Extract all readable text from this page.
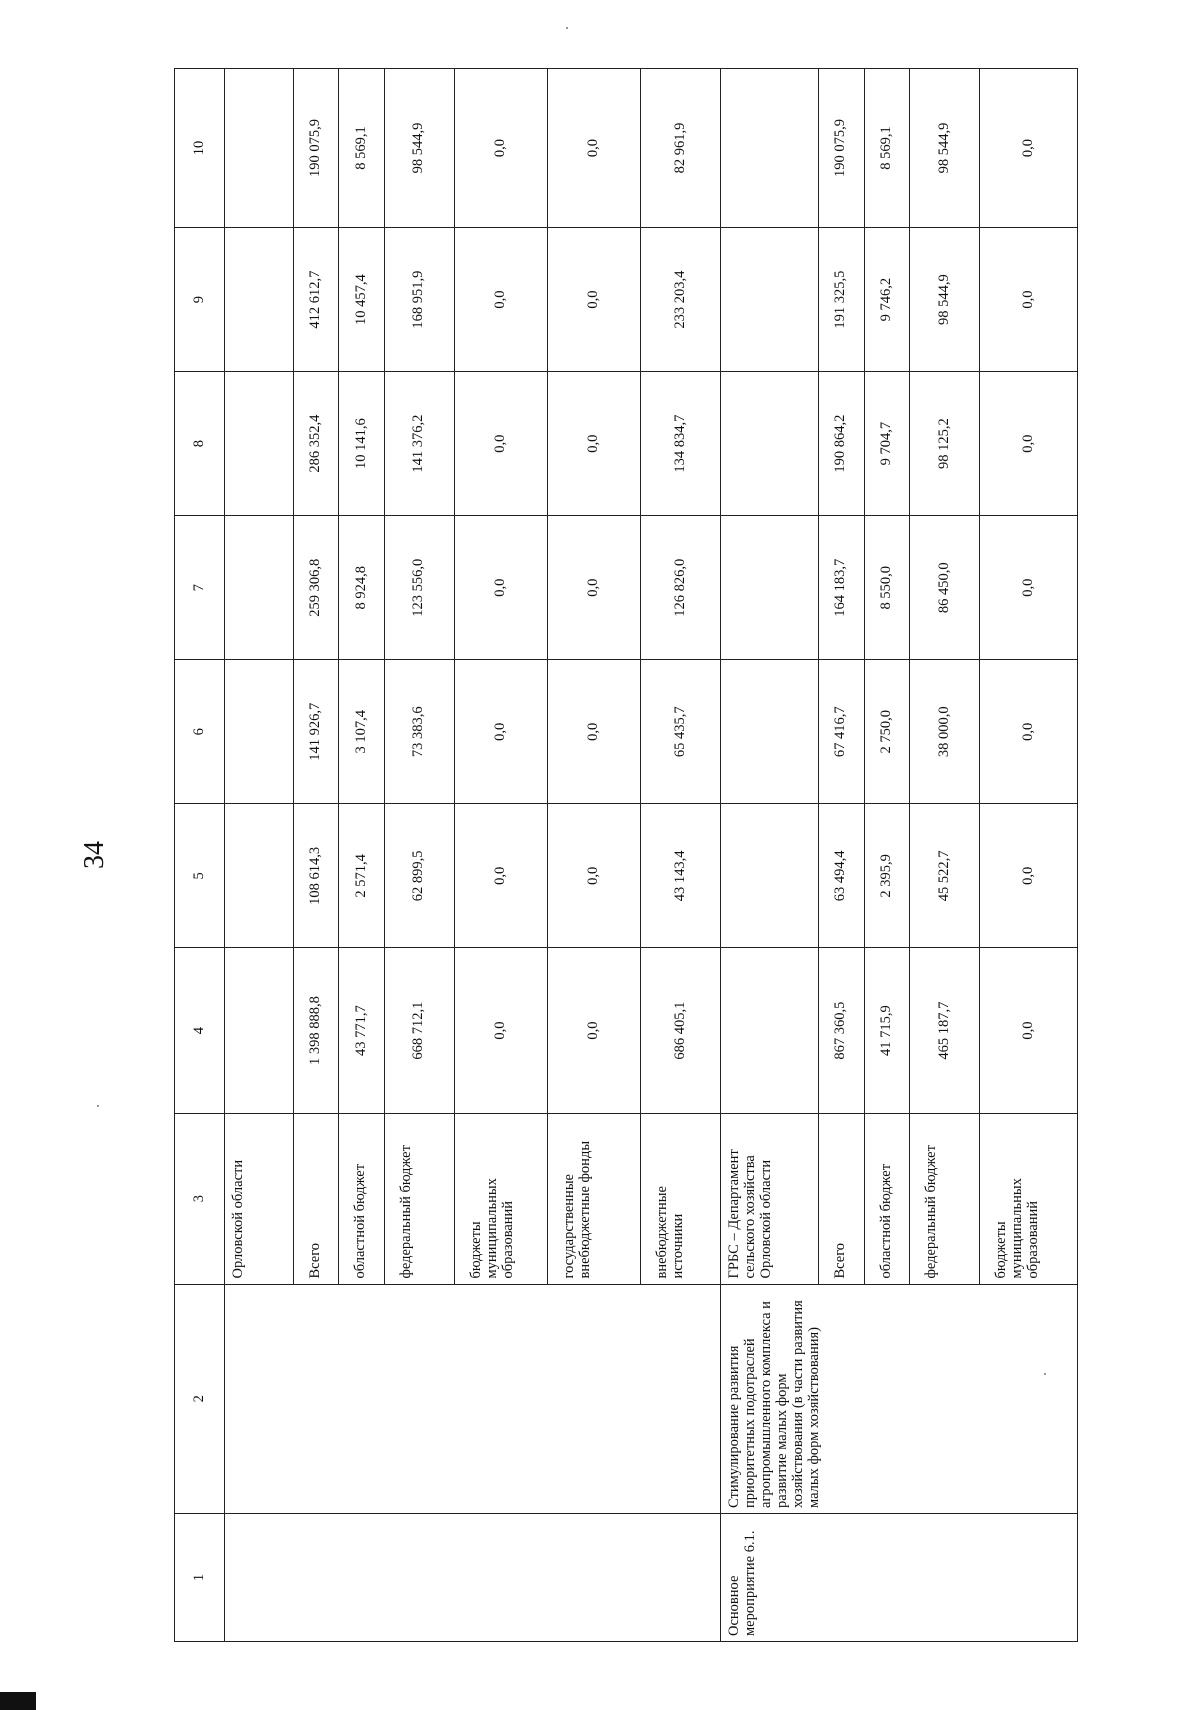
34
1	2	3	4	5	6	7	8	9	10
		Орловской области							
		Всего	1 398 888,8	108 614,3	141 926,7	259 306,8	286 352,4	412 612,7	190 075,9
		областной бюджет	43 771,7	2 571,4	3 107,4	8 924,8	10 141,6	10 457,4	8 569,1
		федеральный бюджет	668 712,1	62 899,5	73 383,6	123 556,0	141 376,2	168 951,9	98 544,9
		бюджеты муниципальных образований	0,0	0,0	0,0	0,0	0,0	0,0	0,0
		государственные внебюджетные фонды	0,0	0,0	0,0	0,0	0,0	0,0	0,0
		внебюджетные источники	686 405,1	43 143,4	65 435,7	126 826,0	134 834,7	233 203,4	82 961,9
Основное мероприятие 6.1.	Стимулирование развития приоритетных подотраслей агропромышленного комплекса и развитие малых форм хозяйствования (в части развития малых форм хозяйствования)	ГРБС – Департамент сельского хозяйства Орловской области							
		Всего	867 360,5	63 494,4	67 416,7	164 183,7	190 864,2	191 325,5	190 075,9
		областной бюджет	41 715,9	2 395,9	2 750,0	8 550,0	9 704,7	9 746,2	8 569,1
		федеральный бюджет	465 187,7	45 522,7	38 000,0	86 450,0	98 125,2	98 544,9	98 544,9
		бюджеты муниципальных образований	0,0	0,0	0,0	0,0	0,0	0,0	0,0
